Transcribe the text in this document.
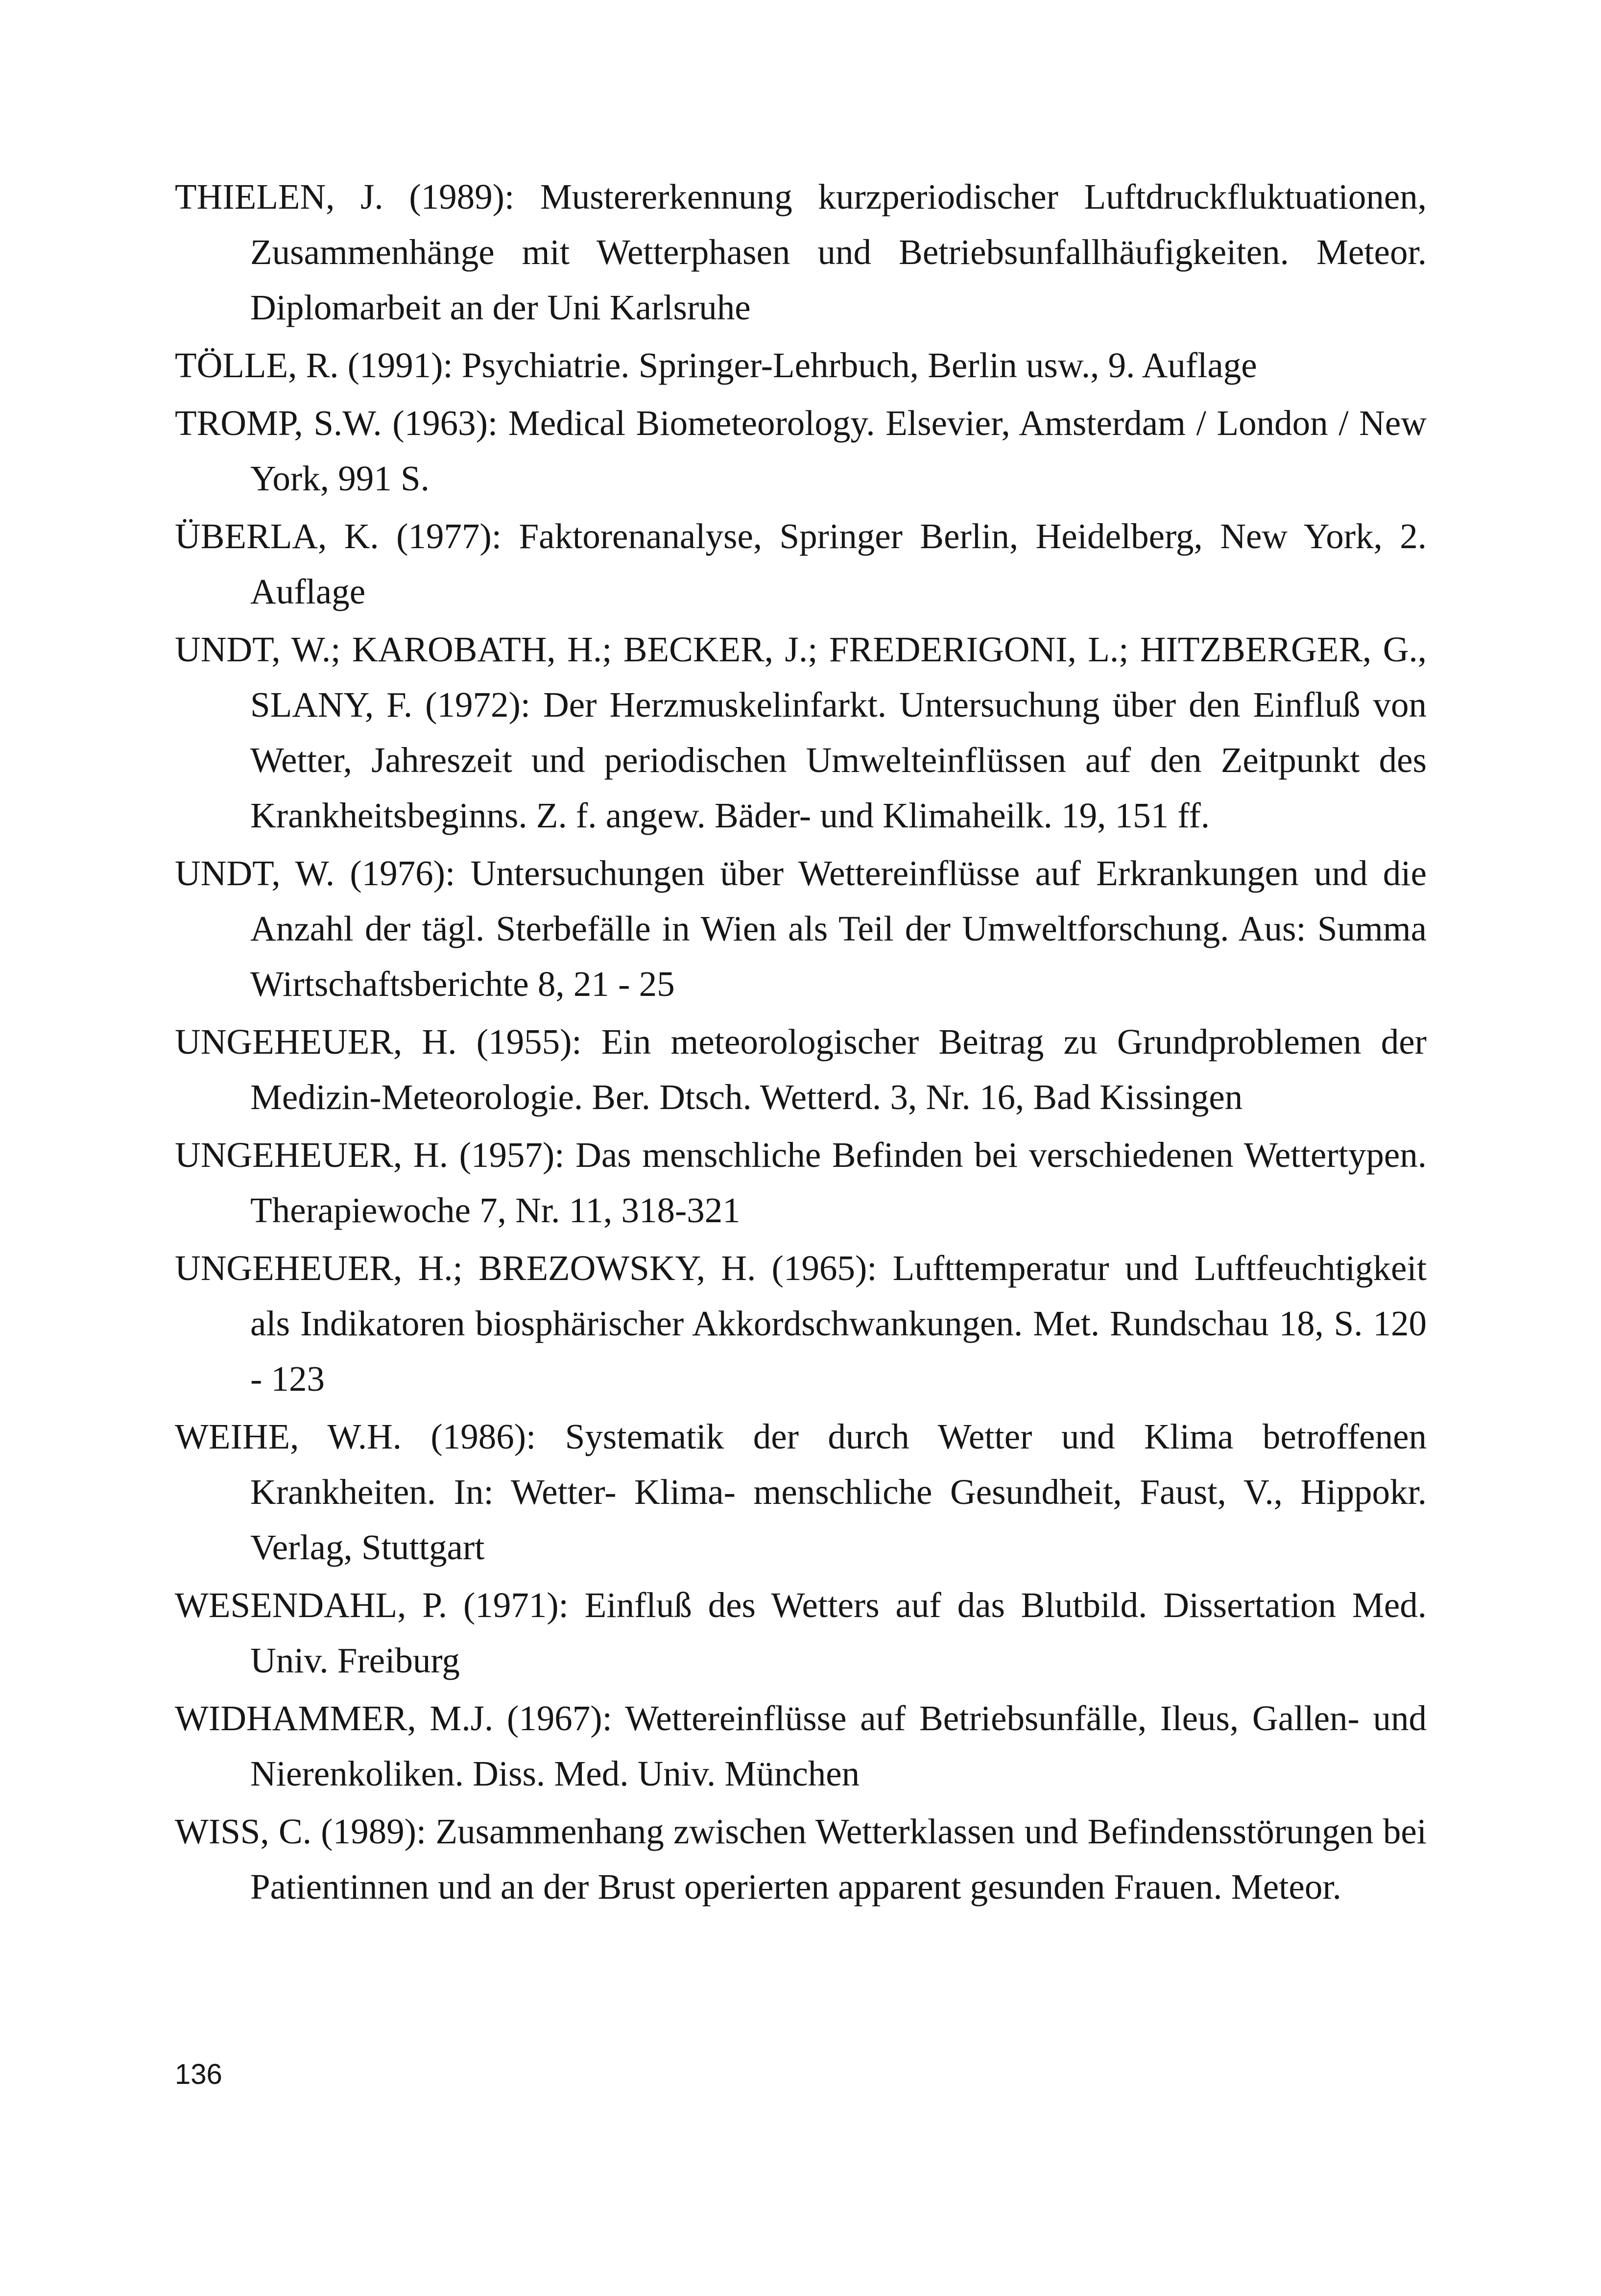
THIELEN, J. (1989): Mustererkennung kurzperiodischer Luftdruckfluktuationen, Zusammenhänge mit Wetterphasen und Betriebsunfallhäufigkeiten. Meteor. Diplomarbeit an der Uni Karlsruhe
TÖLLE, R. (1991): Psychiatrie. Springer-Lehrbuch, Berlin usw., 9. Auflage
TROMP, S.W. (1963): Medical Biometeorology. Elsevier, Amsterdam / London / New York, 991 S.
ÜBERLA, K. (1977): Faktorenanalyse, Springer Berlin, Heidelberg, New York, 2. Auflage
UNDT, W.; KAROBATH, H.; BECKER, J.; FREDERIGONI, L.; HITZBERGER, G., SLANY, F. (1972): Der Herzmuskelinfarkt. Untersuchung über den Einfluß von Wetter, Jahreszeit und periodischen Umwelteinflüssen auf den Zeitpunkt des Krankheitsbeginns. Z. f. angew. Bäder- und Klimaheilk. 19, 151 ff.
UNDT, W. (1976): Untersuchungen über Wettereinflüsse auf Erkrankungen und die Anzahl der tägl. Sterbefälle in Wien als Teil der Umweltforschung. Aus: Summa Wirtschaftsberichte 8, 21 - 25
UNGEHEUER, H. (1955): Ein meteorologischer Beitrag zu Grundproblemen der Medizin-Meteorologie. Ber. Dtsch. Wetterd. 3, Nr. 16, Bad Kissingen
UNGEHEUER, H. (1957): Das menschliche Befinden bei verschiedenen Wettertypen. Therapiewoche 7, Nr. 11, 318-321
UNGEHEUER, H.; BREZOWSKY, H. (1965): Lufttemperatur und Luftfeuchtigkeit als Indikatoren biosphärischer Akkordschwankungen. Met. Rundschau 18, S. 120 - 123
WEIHE, W.H. (1986): Systematik der durch Wetter und Klima betroffenen Krankheiten. In: Wetter- Klima- menschliche Gesundheit, Faust, V., Hippokr. Verlag, Stuttgart
WESENDAHL, P. (1971): Einfluß des Wetters auf das Blutbild. Dissertation Med. Univ. Freiburg
WIDHAMMER, M.J. (1967): Wettereinflüsse auf Betriebsunfälle, Ileus, Gallen- und Nierenkoliken. Diss. Med. Univ. München
WISS, C. (1989): Zusammenhang zwischen Wetterklassen und Befindensstörungen bei Patientinnen und an der Brust operierten apparent gesunden Frauen. Meteor.
136
